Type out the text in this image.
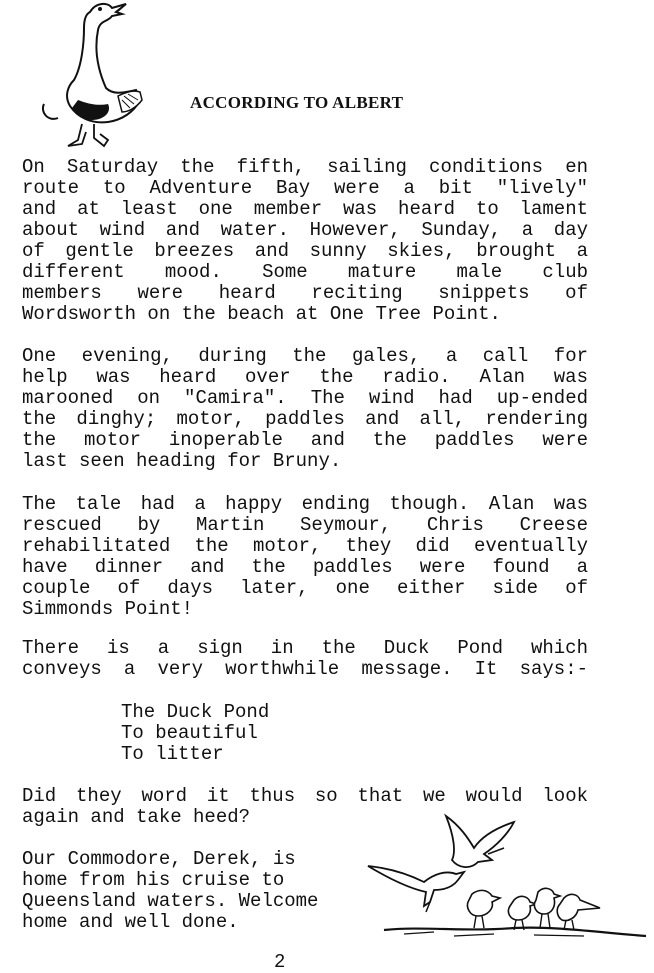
ACCORDING TO ALBERT
On Saturday the fifth, sailing conditions en
route to Adventure Bay were a bit "lively"
and at least one member was heard to lament
about wind and water. However, Sunday, a day
of gentle breezes and sunny skies, brought a
different mood. Some mature male club
members were heard reciting snippets of
Wordsworth on the beach at One Tree Point.
One evening, during the gales, a call for
help was heard over the radio. Alan was
marooned on "Camira". The wind had up-ended
the dinghy; motor, paddles and all, rendering
the motor inoperable and the paddles were
last seen heading for Bruny.
The tale had a happy ending though. Alan was
rescued by Martin Seymour, Chris Creese
rehabilitated the motor, they did eventually
have dinner and the paddles were found a
couple of days later, one either side of
Simmonds Point!
There is a sign in the Duck Pond which
conveys a very worthwhile message. It says:-
The Duck Pond
To beautiful
To litter
Did they word it thus so that we would look
again and take heed?
Our Commodore, Derek, is
home from his cruise to
Queensland waters. Welcome
home and well done.
2
